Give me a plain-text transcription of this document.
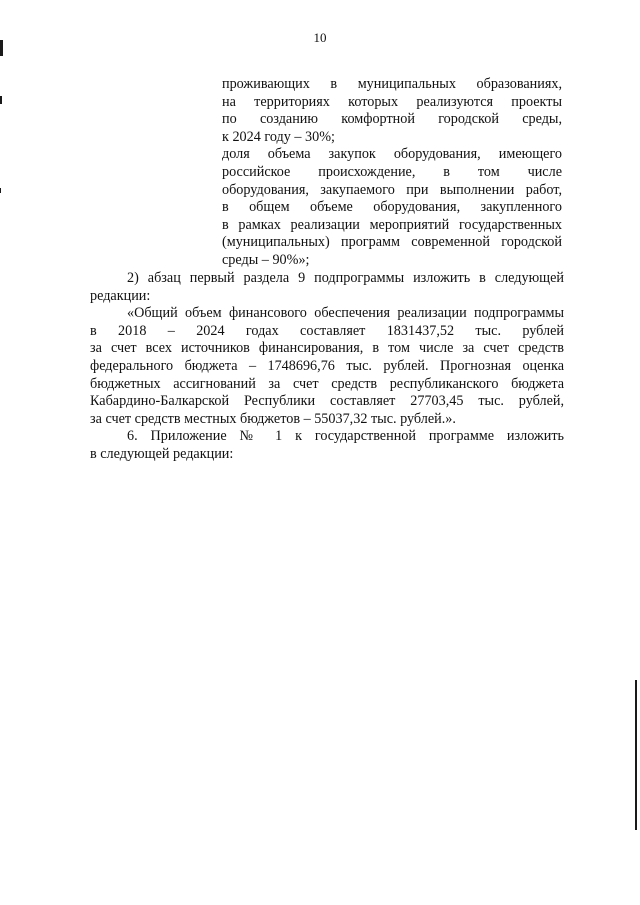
10
проживающих в муниципальных образованиях,
на территориях которых реализуются проекты
по созданию комфортной городской среды,
к 2024 году – 30%;
доля объема закупок оборудования, имеющего
российское происхождение, в том числе
оборудования, закупаемого при выполнении работ,
в общем объеме оборудования, закупленного
в рамках реализации мероприятий государственных
(муниципальных) программ современной городской
среды – 90%»;
2) абзац первый раздела 9 подпрограммы изложить в следующей
редакции:
«Общий объем финансового обеспечения реализации подпрограммы
в 2018 – 2024 годах составляет 1831437,52 тыс. рублей
за счет всех источников финансирования, в том числе за счет средств
федерального бюджета – 1748696,76 тыс. рублей. Прогнозная оценка
бюджетных ассигнований за счет средств республиканского бюджета
Кабардино-Балкарской Республики составляет 27703,45 тыс. рублей,
за счет средств местных бюджетов – 55037,32 тыс. рублей.».
6. Приложение № 1 к государственной программе изложить
в следующей редакции:
